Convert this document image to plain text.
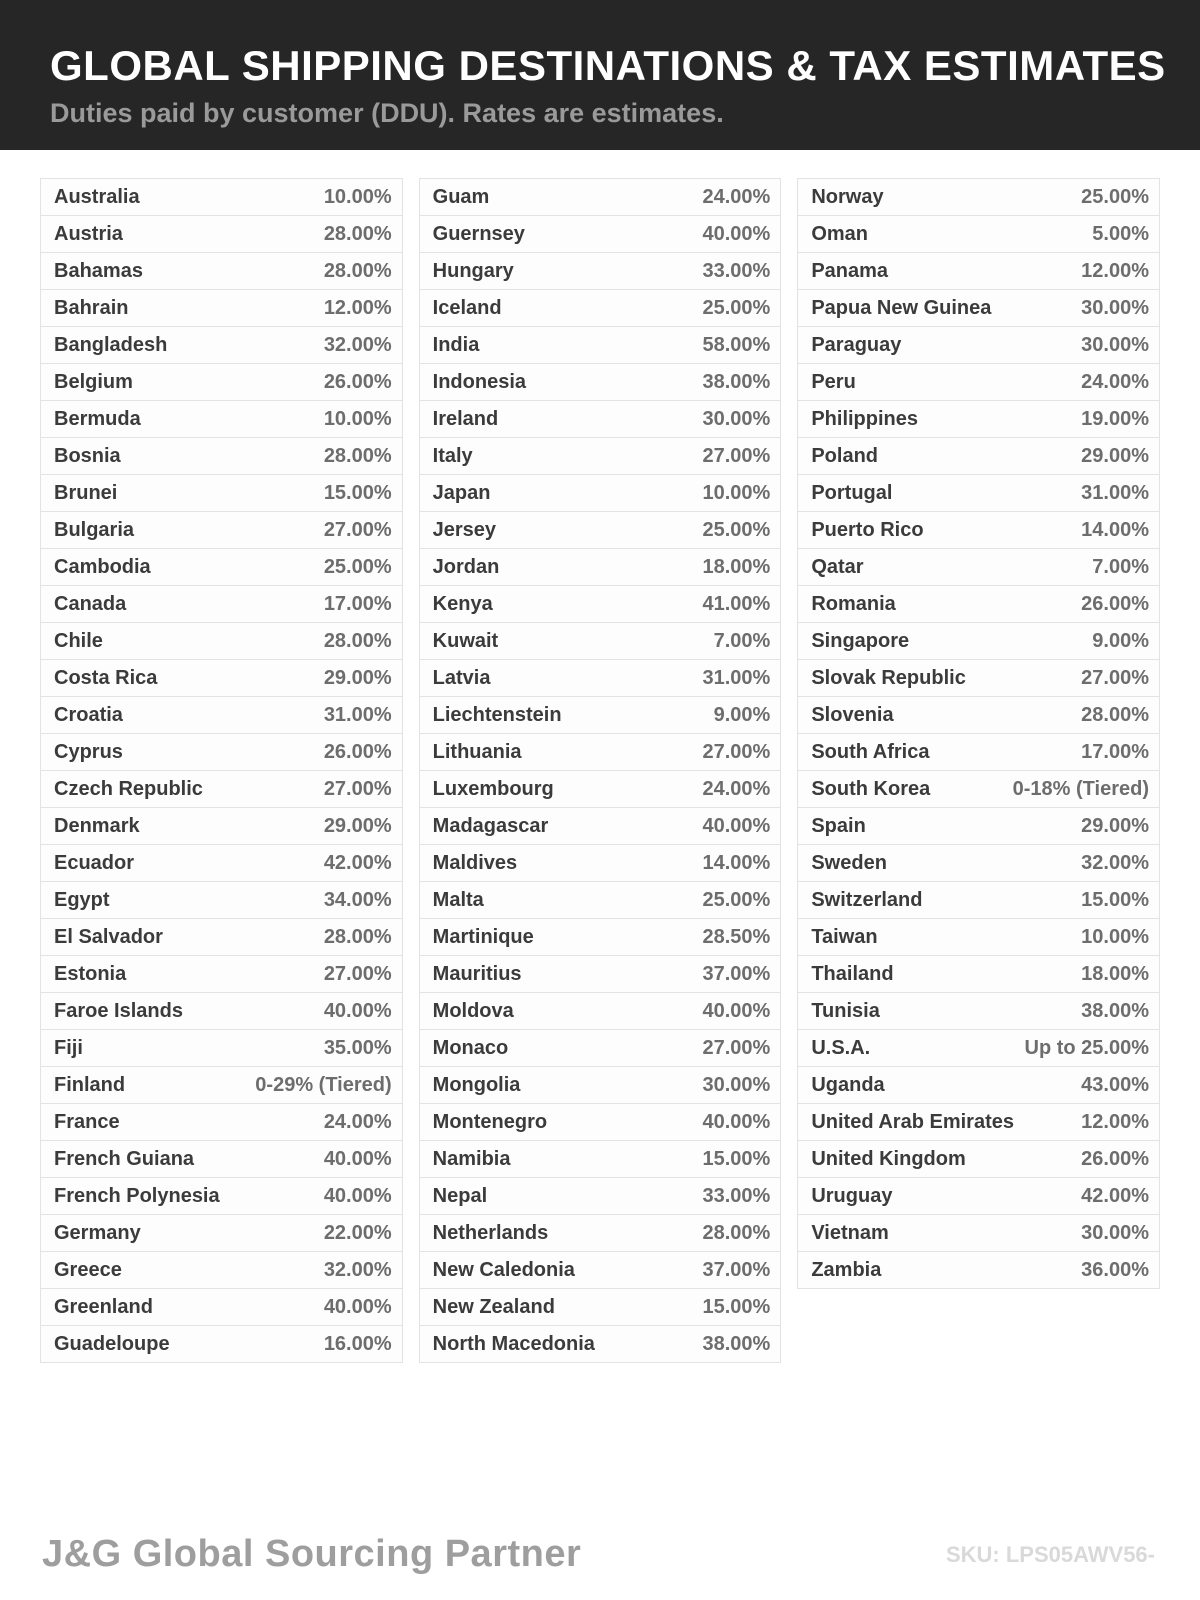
GLOBAL SHIPPING DESTINATIONS & TAX ESTIMATES

Duties paid by customer (DDU). Rates are estimates.

Australia	10.00%
Austria	28.00%
Bahamas	28.00%
Bahrain	12.00%
Bangladesh	32.00%
Belgium	26.00%
Bermuda	10.00%
Bosnia	28.00%
Brunei	15.00%
Bulgaria	27.00%
Cambodia	25.00%
Canada	17.00%
Chile	28.00%
Costa Rica	29.00%
Croatia	31.00%
Cyprus	26.00%
Czech Republic	27.00%
Denmark	29.00%
Ecuador	42.00%
Egypt	34.00%
El Salvador	28.00%
Estonia	27.00%
Faroe Islands	40.00%
Fiji	35.00%
Finland	0-29% (Tiered)
France	24.00%
French Guiana	40.00%
French Polynesia	40.00%
Germany	22.00%
Greece	32.00%
Greenland	40.00%
Guadeloupe	16.00%
Guam	24.00%
Guernsey	40.00%
Hungary	33.00%
Iceland	25.00%
India	58.00%
Indonesia	38.00%
Ireland	30.00%
Italy	27.00%
Japan	10.00%
Jersey	25.00%
Jordan	18.00%
Kenya	41.00%
Kuwait	7.00%
Latvia	31.00%
Liechtenstein	9.00%
Lithuania	27.00%
Luxembourg	24.00%
Madagascar	40.00%
Maldives	14.00%
Malta	25.00%
Martinique	28.50%
Mauritius	37.00%
Moldova	40.00%
Monaco	27.00%
Mongolia	30.00%
Montenegro	40.00%
Namibia	15.00%
Nepal	33.00%
Netherlands	28.00%
New Caledonia	37.00%
New Zealand	15.00%
North Macedonia	38.00%
Norway	25.00%
Oman	5.00%
Panama	12.00%
Papua New Guinea	30.00%
Paraguay	30.00%
Peru	24.00%
Philippines	19.00%
Poland	29.00%
Portugal	31.00%
Puerto Rico	14.00%
Qatar	7.00%
Romania	26.00%
Singapore	9.00%
Slovak Republic	27.00%
Slovenia	28.00%
South Africa	17.00%
South Korea	0-18% (Tiered)
Spain	29.00%
Sweden	32.00%
Switzerland	15.00%
Taiwan	10.00%
Thailand	18.00%
Tunisia	38.00%
U.S.A.	Up to 25.00%
Uganda	43.00%
United Arab Emirates	12.00%
United Kingdom	26.00%
Uruguay	42.00%
Vietnam	30.00%
Zambia	36.00%
J&G Global Sourcing Partner	SKU: LPS05AWV56-
